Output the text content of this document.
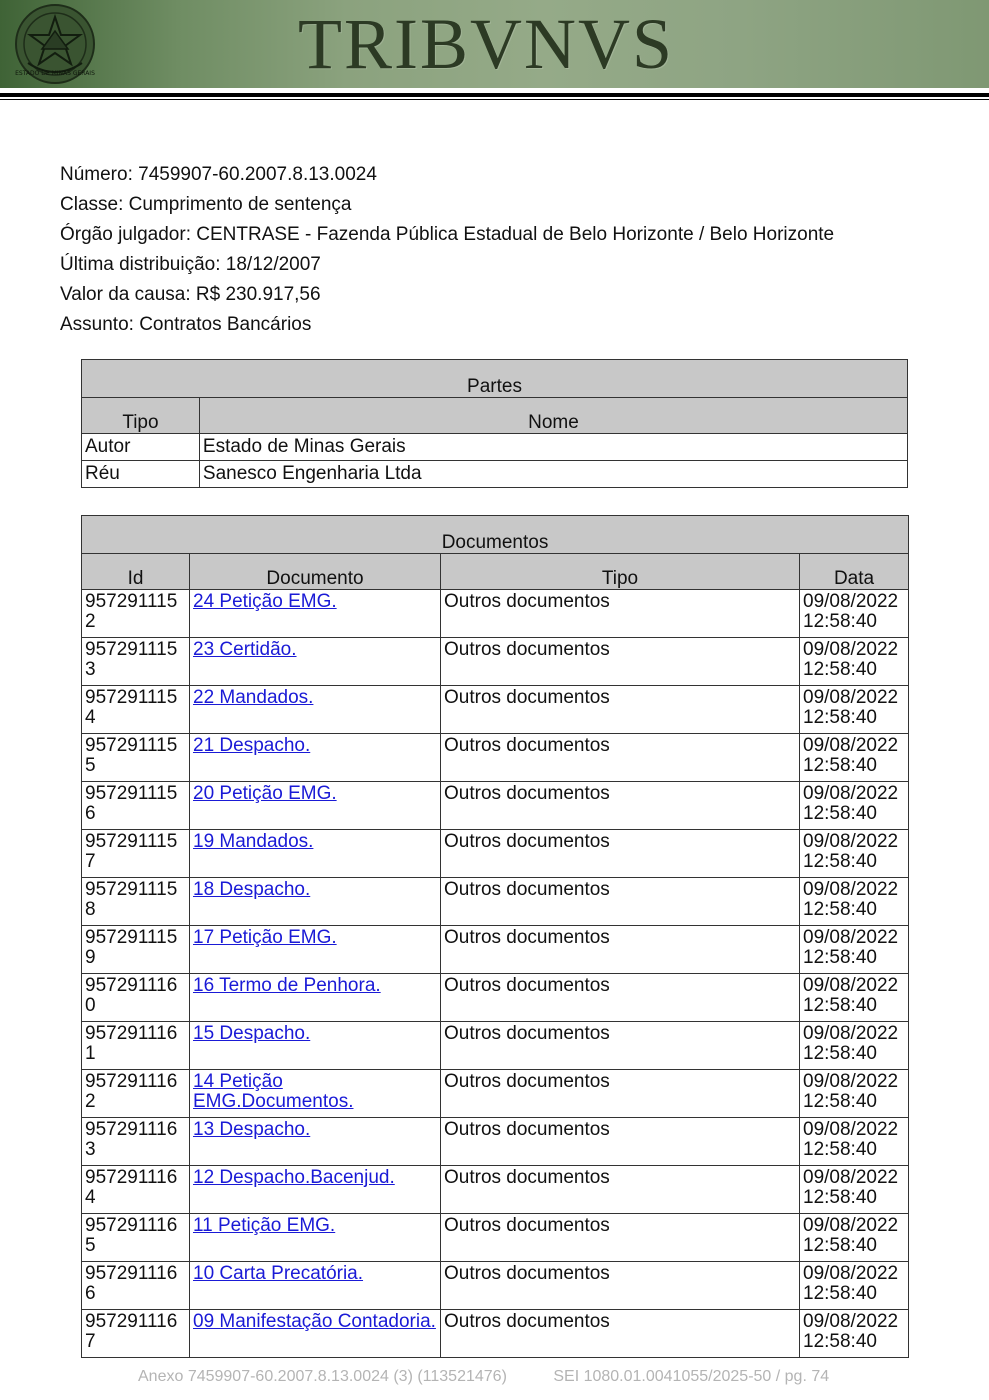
ESTADO DE MINAS GERAIS	TRIBVNVS
Número: 7459907-60.2007.8.13.0024
Classe: Cumprimento de sentença
Órgão julgador: CENTRASE - Fazenda Pública Estadual de Belo Horizonte / Belo Horizonte
Última distribuição: 18/12/2007
Valor da causa: R$ 230.917,56
Assunto: Contratos Bancários
Partes	
Tipo	Nome
Autor	Estado de Minas Gerais
Réu	Sanesco Engenharia Ltda
Documentos			
Id	Documento	Tipo	Data
9572911152	24 Petição EMG.	Outros documentos	09/08/2022 12:58:40
9572911153	23 Certidão.	Outros documentos	09/08/2022 12:58:40
9572911154	22 Mandados.	Outros documentos	09/08/2022 12:58:40
9572911155	21 Despacho.	Outros documentos	09/08/2022 12:58:40
9572911156	20 Petição EMG.	Outros documentos	09/08/2022 12:58:40
9572911157	19 Mandados.	Outros documentos	09/08/2022 12:58:40
9572911158	18 Despacho.	Outros documentos	09/08/2022 12:58:40
9572911159	17 Petição EMG.	Outros documentos	09/08/2022 12:58:40
9572911160	16 Termo de Penhora.	Outros documentos	09/08/2022 12:58:40
9572911161	15 Despacho.	Outros documentos	09/08/2022 12:58:40
9572911162	14 Petição EMG.Documentos.	Outros documentos	09/08/2022 12:58:40
9572911163	13 Despacho.	Outros documentos	09/08/2022 12:58:40
9572911164	12 Despacho.Bacenjud.	Outros documentos	09/08/2022 12:58:40
9572911165	11 Petição EMG.	Outros documentos	09/08/2022 12:58:40
9572911166	10 Carta Precatória.	Outros documentos	09/08/2022 12:58:40
9572911167	09 Manifestação Contadoria.	Outros documentos	09/08/2022 12:58:40
Anexo 7459907-60.2007.8.13.0024 (3) (113521476)	SEI 1080.01.0041055/2025-50 / pg. 74
